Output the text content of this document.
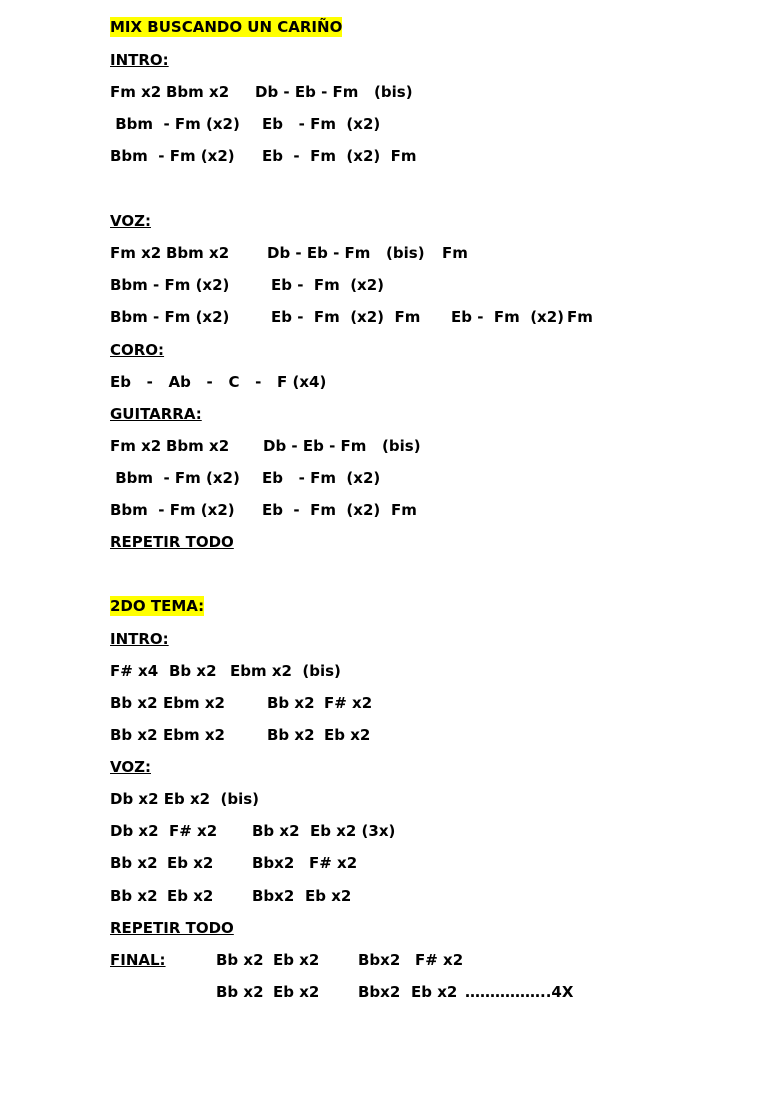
MIX BUSCANDO UN CARIÑO
INTRO:

Fm x2

Bbm x2

Db - Eb - Fm   (bis)

Bbm  - Fm (x2)

Eb   - Fm  (x2)

Bbm  - Fm (x2)

Eb  -  Fm  (x2)  Fm

VOZ:

Fm x2

Bbm x2

	Db - Eb - Fm   (bis)

Fm

Bbm - Fm (x2)

	Eb -  Fm  (x2)

Bbm - Fm (x2)

	Eb -  Fm  (x2)  Fm

Eb -  Fm  (x2)

Fm

CORO:

Eb   -   Ab   -   C   -   F (x4)

GUITARRA:

Fm x2

Bbm x2

Db - Eb - Fm   (bis)

Bbm  - Fm (x2)

Eb   - Fm  (x2)

Bbm  - Fm (x2)

Eb  -  Fm  (x2)

Fm

REPETIR TODO
2DO TEMA:
INTRO:

F# x4

Bb x2

Ebm x2  (bis)

Bb x2

Ebm x2

	Bb x2

F# x2

Bb x2

Ebm x2

	Bb x2

Eb x2

VOZ:

Db x2 Eb x2  (bis)

Db x2

F# x2

Bb x2

Eb x2 (3x)

Bb x2

Eb x2

	Bbx2

F# x2

Bb x2

Eb x2

	Bbx2

Eb x2

REPETIR TODO
FINAL:

	Bb x2

Eb x2

	Bbx2

F# x2

Bb x2

Eb x2

	Bbx2

Eb x2

……………..4X
